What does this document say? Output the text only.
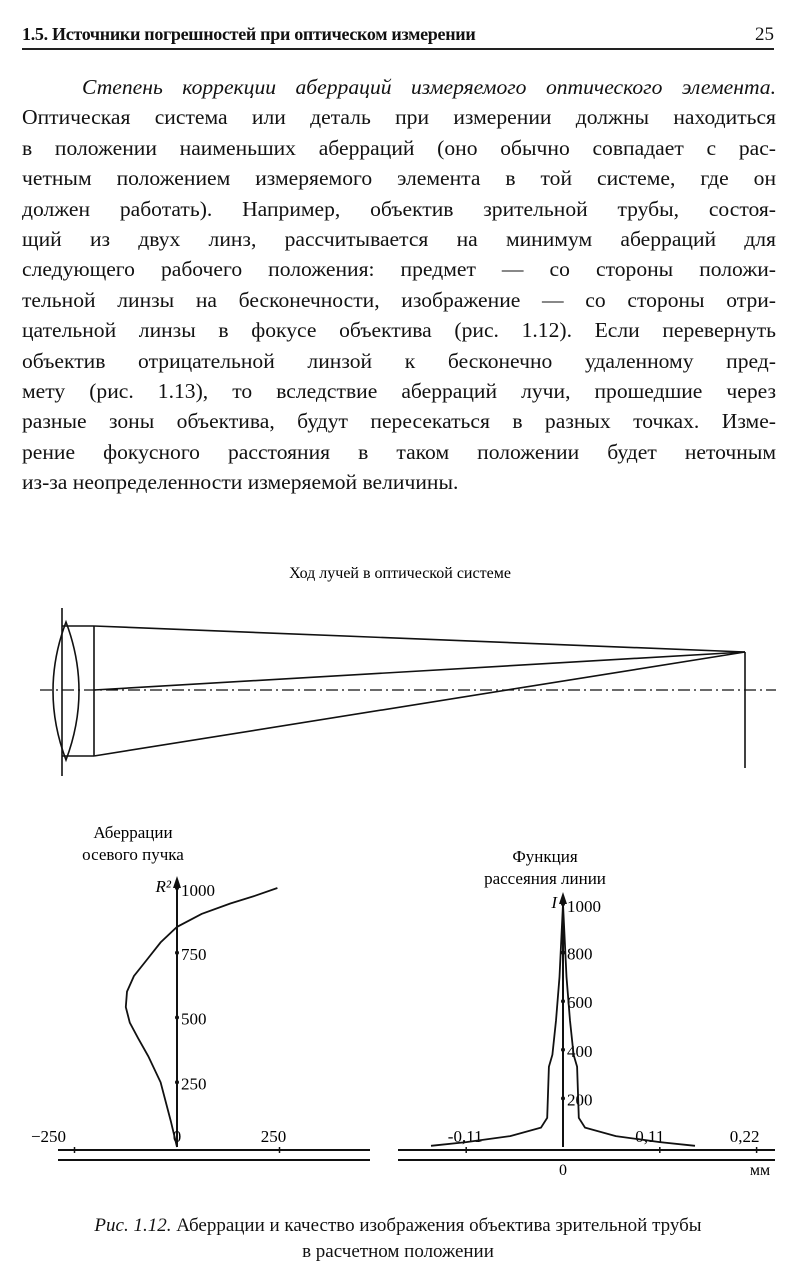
1.5. Источники погрешностей при оптическом измерении	25
Степень коррекции аберраций измеряемого оптического элемента.
Оптическая система или деталь при измерении должны находиться
в положении наименьших аберраций (оно обычно совпадает с рас-
четным положением измеряемого элемента в той системе, где он
должен работать). Например, объектив зрительной трубы, состоя-
щий из двух линз, рассчитывается на минимум аберраций для
следующего рабочего положения: предмет — со стороны положи-
тельной линзы на бесконечности, изображение — со стороны отри-
цательной линзы в фокусе объектива (рис. 1.12). Если перевернуть
объектив отрицательной линзой к бесконечно удаленному пред-
мету (рис. 1.13), то вследствие аберраций лучи, прошедшие через
разные зоны объектива, будут пересекаться в разных точках. Изме-
рение фокусного расстояния в таком положении будет неточным
из-за неопределенности измеряемой величины.
Ход лучей в оптической системе
Аберрации
осевого пучка
R²
250
500
750
1000
−250	0	250
Функция
рассеяния линии
I
200
400
600
800
1000
-0,11	0,11	0,22
0	мм
Рис. 1.12. Аберрации и качество изображения объектива зрительной трубы
в расчетном положении
